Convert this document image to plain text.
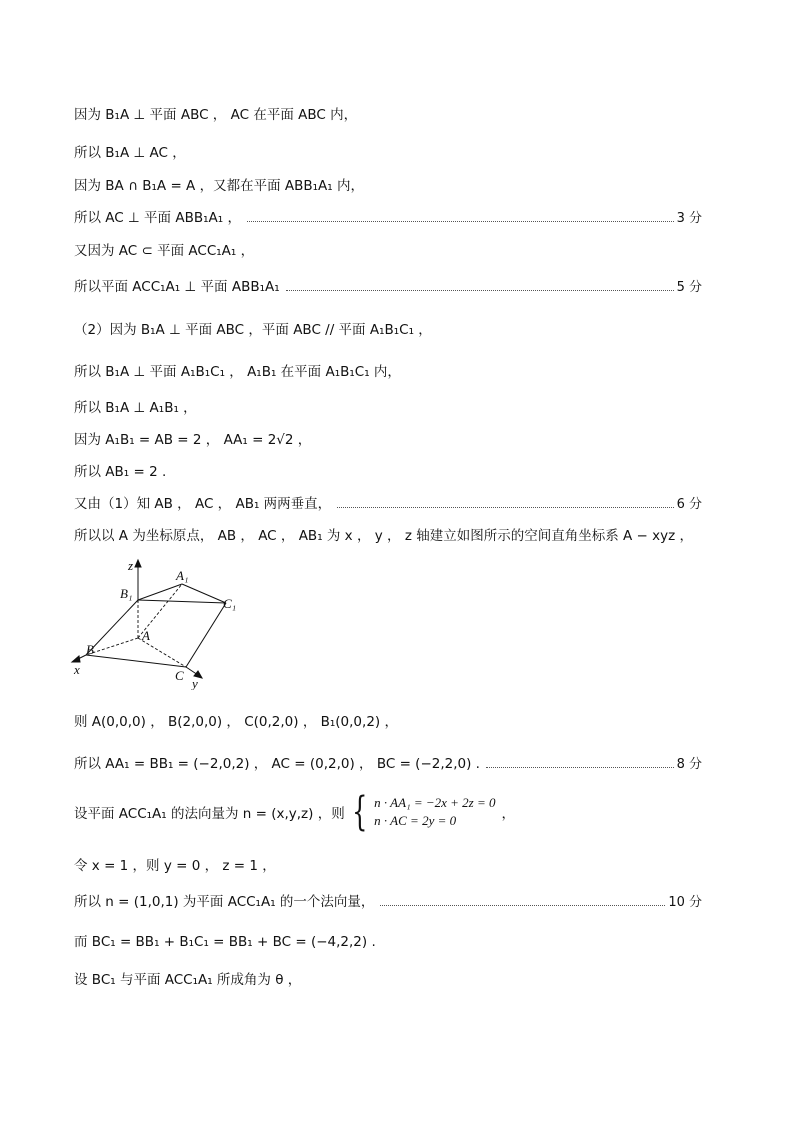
因为 B₁A ⊥ 平面 ABC ， AC 在平面 ABC 内，
所以 B₁A ⊥ AC ，
因为 BA ∩ B₁A = A ，又都在平面 ABB₁A₁ 内，
所以 AC ⊥ 平面 ABB₁A₁ ，	3 分
又因为 AC ⊂ 平面 ACC₁A₁ ，
所以平面 ACC₁A₁ ⊥ 平面 ABB₁A₁	5 分
（2）因为 B₁A ⊥ 平面 ABC ，平面 ABC // 平面 A₁B₁C₁ ，
所以 B₁A ⊥ 平面 A₁B₁C₁ ， A₁B₁ 在平面 A₁B₁C₁ 内，
所以 B₁A ⊥ A₁B₁ ，
因为 A₁B₁ = AB = 2 ， AA₁ = 2√2 ，
所以 AB₁ = 2 .
又由（1）知 AB ， AC ， AB₁ 两两垂直，	6 分
所以以 A 为坐标原点， AB ， AC ， AB₁ 为 x ， y ， z 轴建立如图所示的空间直角坐标系 A − xyz ，
z
A₁
B₁
C₁
A
B
C
x
y
则 A(0,0,0) ， B(2,0,0) ， C(0,2,0) ， B₁(0,0,2) ，
所以 AA₁ = BB₁ = (−2,0,2) ， AC = (0,2,0) ， BC = (−2,2,0) .	8 分
设平面 ACC₁A₁ 的法向量为 n = (x,y,z) ，则 { n · AA₁ = −2x + 2z = 0
n · AC = 2y = 0	，
令 x = 1 ，则 y = 0 ， z = 1 ，
所以 n = (1,0,1) 为平面 ACC₁A₁ 的一个法向量，	10 分
而 BC₁ = BB₁ + B₁C₁ = BB₁ + BC = (−4,2,2) .
设 BC₁ 与平面 ACC₁A₁ 所成角为 θ ，
